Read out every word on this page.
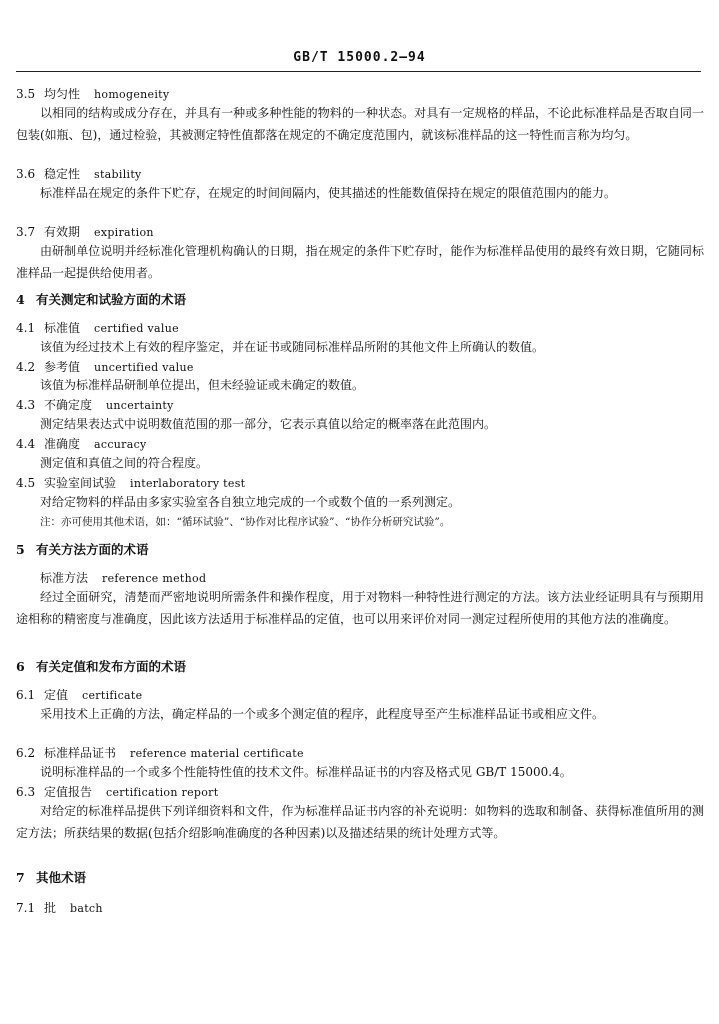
GB/T 15000.2—94
3.5 均匀性 homogeneity
以相同的结构或成分存在，并具有一种或多种性能的物料的一种状态。对具有一定规格的样品，不论此标准样品是否取自同一包装(如瓶、包)，通过检验，其被测定特性值都落在规定的不确定度范围内，就该标准样品的这一特性而言称为均匀。
3.6 稳定性 stability
标准样品在规定的条件下贮存，在规定的时间间隔内，使其描述的性能数值保持在规定的限值范围内的能力。
3.7 有效期 expiration
由研制单位说明并经标准化管理机构确认的日期，指在规定的条件下贮存时，能作为标准样品使用的最终有效日期，它随同标准样品一起提供给使用者。
4 有关测定和试验方面的术语
4.1 标准值 certified value
该值为经过技术上有效的程序鉴定，并在证书或随同标准样品所附的其他文件上所确认的数值。
4.2 参考值 uncertified value
该值为标准样品研制单位提出，但未经验证或未确定的数值。
4.3 不确定度 uncertainty
测定结果表达式中说明数值范围的那一部分，它表示真值以给定的概率落在此范围内。
4.4 准确度 accuracy
测定值和真值之间的符合程度。
4.5 实验室间试验 interlaboratory test
对给定物料的样品由多家实验室各自独立地完成的一个或数个值的一系列测定。
注：亦可使用其他术语，如：“循环试验”、“协作对比程序试验”、“协作分析研究试验”。
5 有关方法方面的术语
标准方法 reference method
经过全面研究，清楚而严密地说明所需条件和操作程度，用于对物料一种特性进行测定的方法。该方法业经证明具有与预期用途相称的精密度与准确度，因此该方法适用于标准样品的定值，也可以用来评价对同一测定过程所使用的其他方法的准确度。
6 有关定值和发布方面的术语
6.1 定值 certificate
采用技术上正确的方法，确定样品的一个或多个测定值的程序，此程度导至产生标准样品证书或相应文件。
6.2 标准样品证书 reference material certificate
说明标准样品的一个或多个性能特性值的技术文件。标准样品证书的内容及格式见 GB/T 15000.4。
6.3 定值报告 certification report
对给定的标准样品提供下列详细资料和文件，作为标准样品证书内容的补充说明：如物料的选取和制备、获得标准值所用的测定方法；所获结果的数据(包括介绍影响准确度的各种因素)以及描述结果的统计处理方式等。
7 其他术语
7.1 批 batch
